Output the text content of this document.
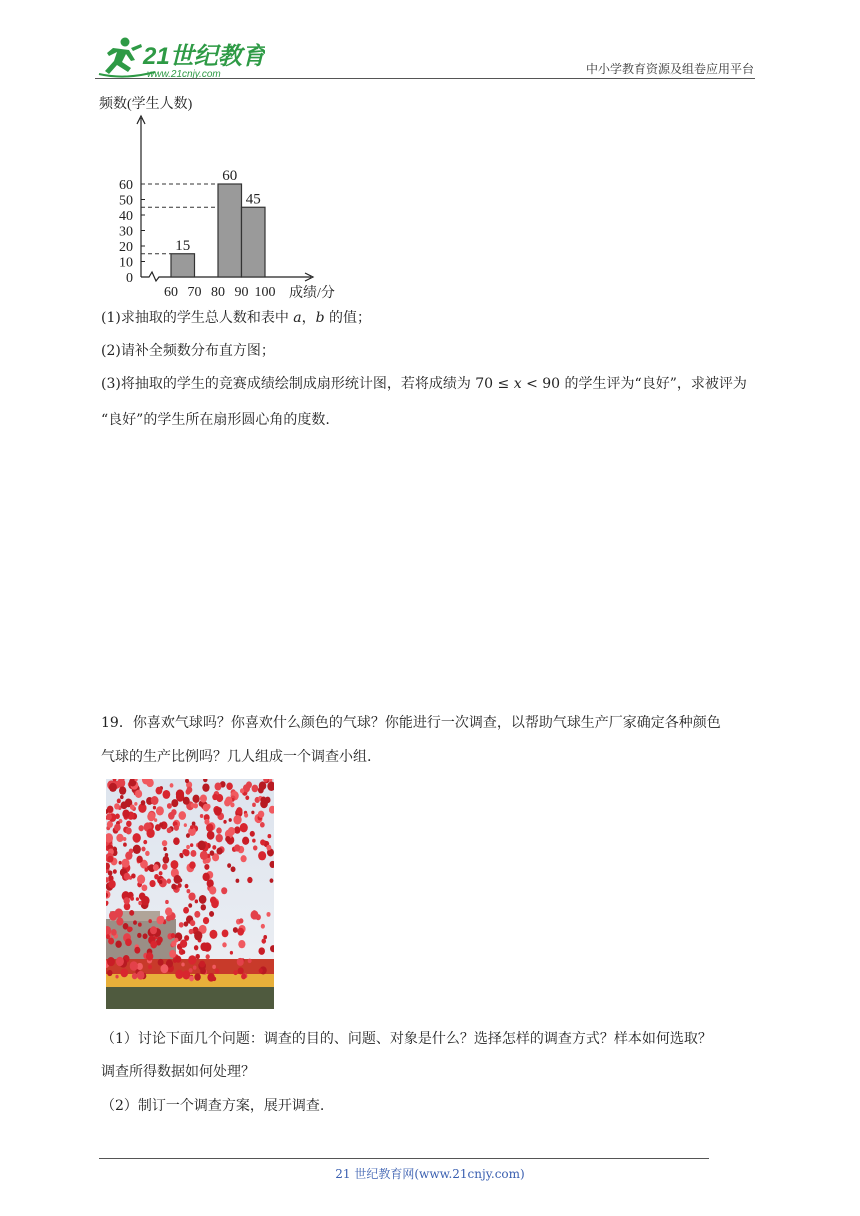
21世纪教育
www.21cnjy.com	中小学教育资源及组卷应用平台
频数(学生人数)
0
10
20
30
40
50
60
15
60
45
60 70 80 90 100 成绩/分
(1)求抽取的学生总人数和表中 a，b 的值；
(2)请补全频数分布直方图；
(3)将抽取的学生的竞赛成绩绘制成扇形统计图，若将成绩为 70 ≤ x < 90 的学生评为“良好”，求被评为
“良好”的学生所在扇形圆心角的度数.
19．你喜欢气球吗？你喜欢什么颜色的气球？你能进行一次调查，以帮助气球生产厂家确定各种颜色
气球的生产比例吗？几人组成一个调查小组.
（1）讨论下面几个问题：调查的目的、问题、对象是什么？选择怎样的调查方式？样本如何选取？
调查所得数据如何处理？
（2）制订一个调查方案，展开调查.
21 世纪教育网(www.21cnjy.com)
